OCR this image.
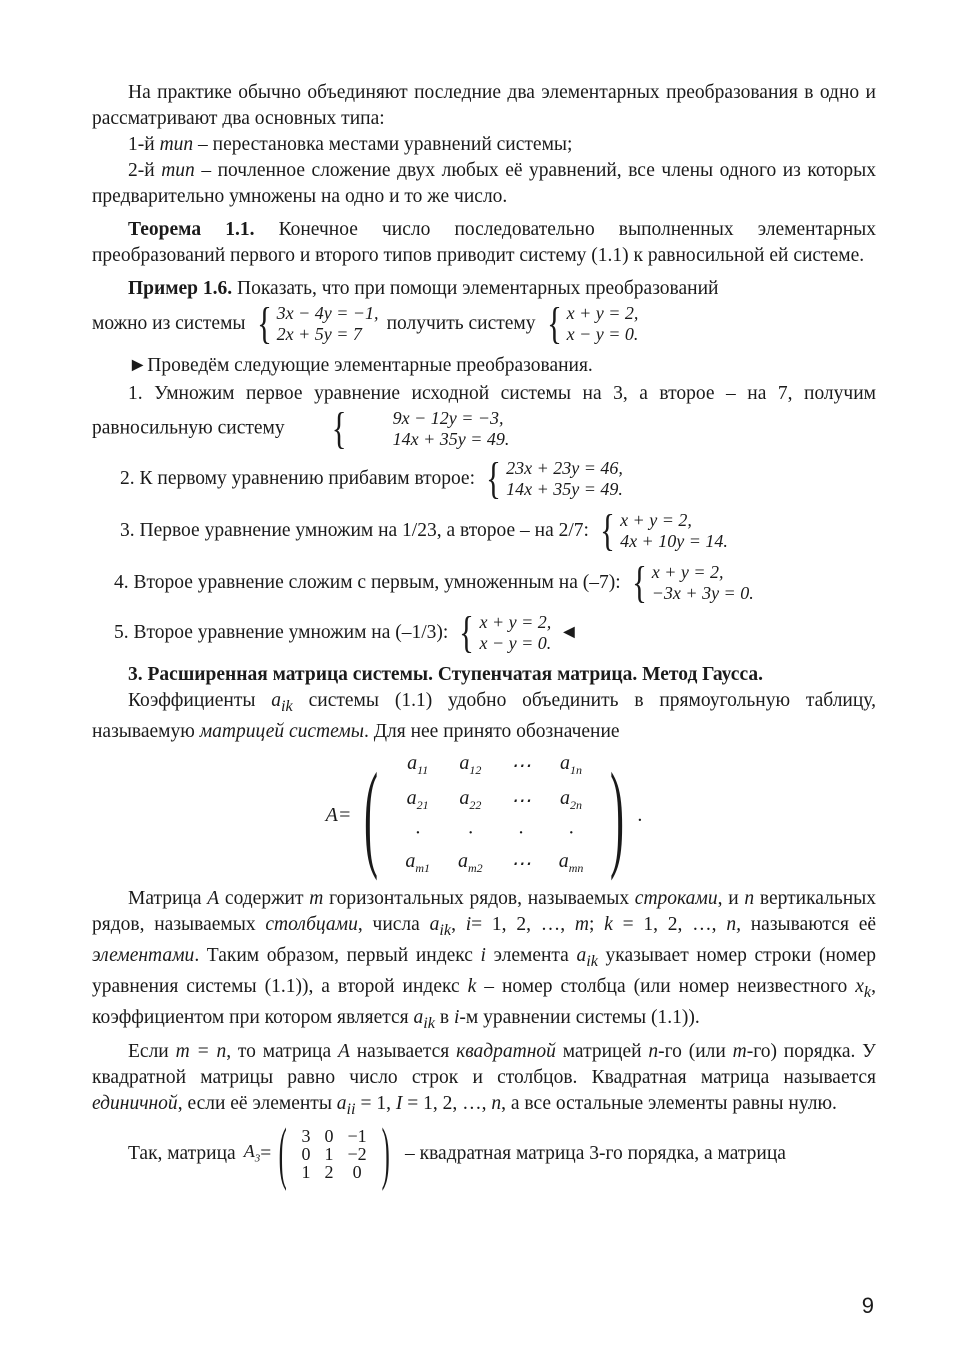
На практике обычно объединяют последние два элементарных преобразования в одно и рассматривают два основных типа:

1-й тип – перестановка местами уравнений системы;

2-й тип – почленное сложение двух любых её уравнений, все члены одного из которых предварительно умножены на одно и то же число.

Теорема 1.1. Конечное число последовательно выполненных элементарных преобразований первого и второго типов приводит систему (1.1) к равносильной ей системе.

Пример 1.6. Показать, что при помощи элементарных преобразований

можно из системы { 3x − 4y = −1,
2x + 5y = 7	получить систему { x + y = 2,
x − y = 0.

►Проведём следующие элементарные преобразования.

1. Умножим первое уравнение исходной системы на 3, а второе – на 7, получим равносильную систему	{	9x − 12y = −3,
14x + 35y = 49.

2. К первому уравнению прибавим второе: { 23x + 23y = 46,
14x + 35y = 49.
3. Первое уравнение умножим на 1/23, а второе – на 2/7: { x + y = 2,
4x + 10y = 14.
4. Второе уравнение сложим с первым, умноженным на (–7): { x + y = 2,
−3x + 3y = 0.
5. Второе уравнение умножим на (–1/3): { x + y = 2,
x − y = 0. ◄

3. Расширенная матрица системы. Ступенчатая матрица. Метод Гаусса.

Коэффициенты $a_{ik}$ системы (1.1) удобно объединить в прямоугольную таблицу, называемую матрицей системы. Для нее принято обозначение

A= ( $a_{11}$	$a_{12}$	⋯	$a_{1n}$
$a_{21}$	$a_{22}$	⋯	$a_{2n}$
·	·	·	·
$a_{m1}$	$a_{m2}$	⋯	$a_{mn}$ ) .

Матрица A содержит m горизонтальных рядов, называемых строками, и n вертикальных рядов, называемых столбцами, числа $a_{ik}$, i= 1, 2, …, m; k = 1, 2, …, n, называются её элементами. Таким образом, первый индекс i элемента $a_{ik}$ указывает номер строки (номер уравнения системы (1.1)), а второй индекс k – номер столбца (или номер неизвестного $x_k$, коэффициентом при котором является $a_{ik}$ в i-м уравнении системы (1.1)).

Если m = n, то матрица A называется квадратной матрицей n-го (или m-го) порядка. У квадратной матрицы равно число строк и столбцов. Квадратная матрица называется единичной, если её элементы $a_{ii} = 1$, I = 1, 2, …, n, а все остальные элементы равны нулю.

Так, матрица $A_3$ = ( 3	0	−1
0	1	−2
1	2	0 ) – квадратная матрица 3-го порядка, а матрица
9
